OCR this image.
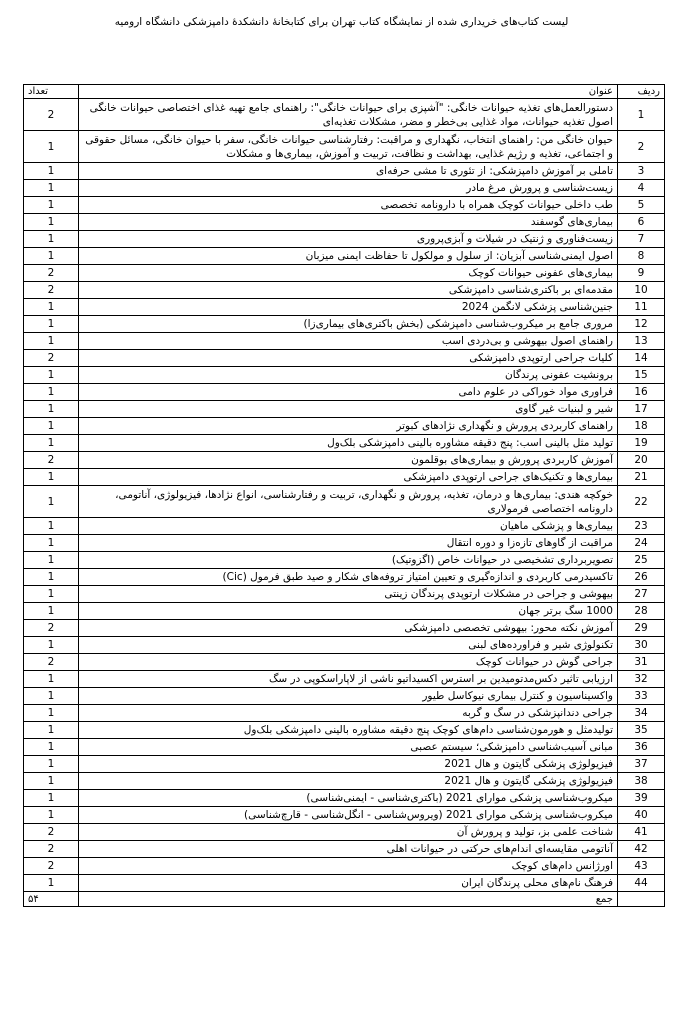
لیست کتاب‌های خریداری شده از نمایشگاه کتاب تهران برای کتابخانهٔ دانشکدهٔ دامپزشکی دانشگاه ارومیه
ردیف	عنوان	تعداد
1	دستورالعمل‌های تغذیه حیوانات خانگی: "آشپزی برای حیوانات خانگی": راهنمای جامع تهیه غذای اختصاصی حیوانات خانگی اصول تغذیه حیوانات، مواد غذایی بی‌خطر و مضر، مشکلات تغذیه‌ای	2
2	حیوان خانگی من: راهنمای انتخاب، نگهداری و مراقبت: رفتارشناسی حیوانات خانگی، سفر با حیوان خانگی، مسائل حقوقی و اجتماعی، تغذیه و رژیم غذایی، بهداشت و نظافت، تربیت و آموزش، بیماری‌ها و مشکلات	1
3	تاملی بر آموزش دامپزشکی: از تئوری تا مشی حرفه‌ای	1
4	زیست‌شناسی و پرورش مرغ مادر	1
5	طب داخلی حیوانات کوچک همراه با دارونامه تخصصی	1
6	بیماری‌های گوسفند	1
7	زیست‌فناوری و ژنتیک در شیلات و آبزی‌پروری	1
8	اصول ایمنی‌شناسی آبزیان: از سلول و مولکول تا حفاظت ایمنی میزبان	1
9	بیماری‌های عفونی حیوانات کوچک	2
10	مقدمه‌ای بر باکتری‌شناسی دامپزشکی	2
11	جنین‌شناسی پزشکی لانگمن 2024	1
12	مروری جامع بر میکروب‌شناسی دامپزشکی (بخش باکتری‌های بیماری‌زا)	1
13	راهنمای اصول بیهوشی و بی‌دردی اسب	1
14	کلیات جراحی ارتوپدی دامپزشکی	2
15	برونشیت عفونی پرندگان	1
16	فراوری مواد خوراکی در علوم دامی	1
17	شیر و لبنیات غیر گاوی	1
18	راهنمای کاربردی پرورش و نگهداری نژادهای کبوتر	1
19	تولید مثل بالینی اسب: پنج دقیقه مشاوره بالینی دامپزشکی بلک‌ول	1
20	آموزش کاربردی پرورش و بیماری‌های بوقلمون	2
21	بیماری‌ها و تکنیک‌های جراحی ارتوپدی دامپزشکی	1
22	خوکچه هندی: بیماری‌ها و درمان، تغذیه، پرورش و نگهداری، تربیت و رفتارشناسی، انواع نژادها، فیزیولوژی، آناتومی، دارونامه اختصاصی فرمولاری	1
23	بیماری‌ها و پزشکی ماهیان	1
24	مراقبت از گاوهای تازه‌زا و دوره انتقال	1
25	تصویربرداری تشخیصی در حیوانات خاص (اگزوتیک)	1
26	تاکسیدرمی کاربردی و اندازه‌گیری و تعیین امتیاز تروفه‌های شکار و صید طبق فرمول (Cic)	1
27	بیهوشی و جراحی در مشکلات ارتوپدی پرندگان زینتی	1
28	1000 سگ برتر جهان	1
29	آموزش نکته محور: بیهوشی تخصصی دامپزشکی	2
30	تکنولوژی شیر و فراورده‌های لبنی	1
31	جراحی گوش در حیوانات کوچک	2
32	ارزیابی تاثیر دکس‌مدتومیدین بر استرس اکسیداتیو ناشی از لاپاراسکوپی در سگ	1
33	واکسیناسیون و کنترل بیماری نیوکاسل طیور	1
34	جراحی دندانپزشکی در سگ و گربه	1
35	تولیدمثل و هورمون‌شناسی دام‌های کوچک پنج دقیقه مشاوره بالینی دامپزشکی بلک‌ول	1
36	مبانی آسیب‌شناسی دامپزشکی؛ سیستم عصبی	1
37	فیزیولوژی پزشکی گایتون و هال 2021	1
38	فیزیولوژی پزشکی گایتون و هال 2021	1
39	میکروب‌شناسی پزشکی موارای 2021 (باکتری‌شناسی - ایمنی‌شناسی)	1
40	میکروب‌شناسی پزشکی موارای 2021 (ویروس‌شناسی - انگل‌شناسی - قارچ‌شناسی)	1
41	شناخت علمی بز، تولید و پرورش آن	2
42	آناتومی مقایسه‌ای اندام‌های حرکتی در حیوانات اهلی	2
43	اورژانس دام‌های کوچک	2
44	فرهنگ نام‌های محلی پرندگان ایران	1
	جمع	۵۴
